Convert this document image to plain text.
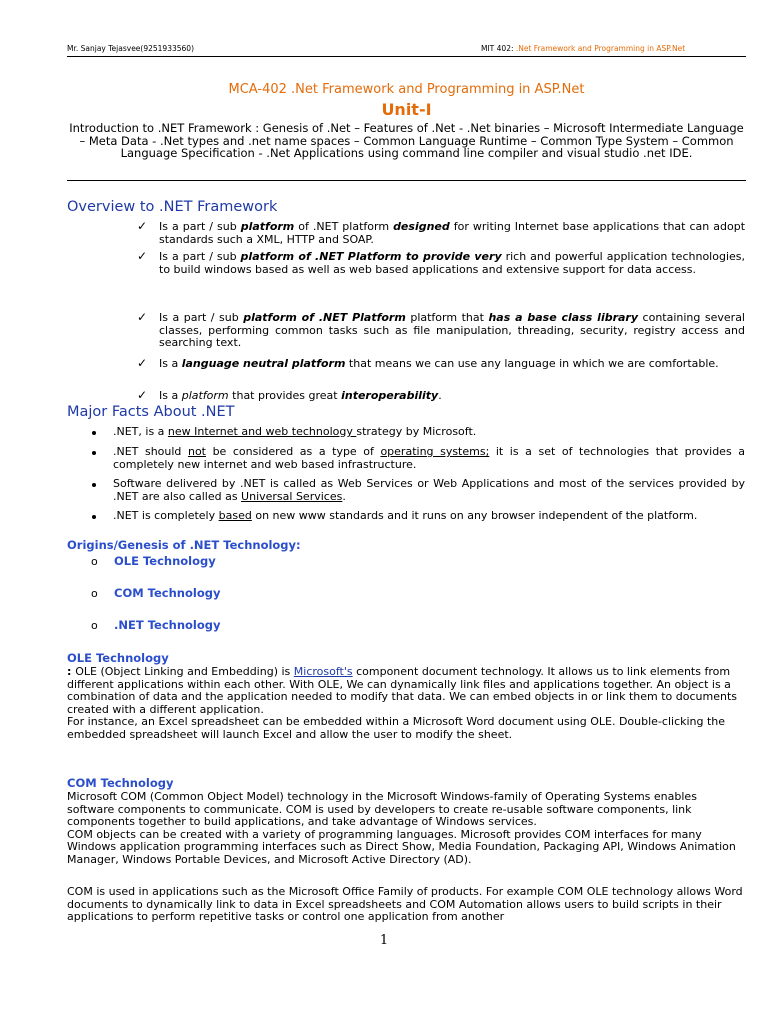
Mr. Sanjay Tejasvee(9251933560)	MIT 402: .Net Framework and Programming in ASP.Net
MCA-402 .Net Framework and Programming in ASP.Net
Unit-I
Introduction to .NET Framework : Genesis of .Net – Features of .Net - .Net binaries – Microsoft Intermediate Language – Meta Data - .Net types and .net name spaces – Common Language Runtime – Common Type System – Common Language Specification - .Net Applications using command line compiler and visual studio .net IDE.
Overview to .NET Framework
✓ Is a part / sub platform of .NET platform designed for writing Internet base applications that can adopt standards such a XML, HTTP and SOAP.
✓ Is a part / sub platform of .NET Platform to provide very rich and powerful application technologies, to build windows based as well as web based applications and extensive support for data access.
✓ Is a part / sub platform of .NET Platform platform that has a base class library containing several classes, performing common tasks such as file manipulation, threading, security, registry access and searching text.
✓ Is a language neutral platform that means we can use any language in which we are comfortable.
✓ Is a platform that provides great interoperability.
Major Facts About .NET
.NET, is a new Internet and web technology strategy by Microsoft.
.NET should not be considered as a type of operating systems; it is a set of technologies that provides a completely new internet and web based infrastructure.
Software delivered by .NET is called as Web Services or Web Applications and most of the services provided by .NET are also called as Universal Services.
.NET is completely based on new www standards and it runs on any browser independent of the platform.
Origins/Genesis of .NET Technology:
o OLE Technology
o COM Technology
o .NET Technology
OLE Technology
: OLE (Object Linking and Embedding) is Microsoft's component document technology. It allows us to link elements from different applications within each other. With OLE, We can dynamically link files and applications together. An object is a combination of data and the application needed to modify that data. We can embed objects in or link them to documents created with a different application.
For instance, an Excel spreadsheet can be embedded within a Microsoft Word document using OLE. Double-clicking the embedded spreadsheet will launch Excel and allow the user to modify the sheet.
COM Technology
Microsoft COM (Common Object Model) technology in the Microsoft Windows-family of Operating Systems enables software components to communicate. COM is used by developers to create re-usable software components, link components together to build applications, and take advantage of Windows services.
COM objects can be created with a variety of programming languages. Microsoft provides COM interfaces for many Windows application programming interfaces such as Direct Show, Media Foundation, Packaging API, Windows Animation Manager, Windows Portable Devices, and Microsoft Active Directory (AD).
COM is used in applications such as the Microsoft Office Family of products. For example COM OLE technology allows Word documents to dynamically link to data in Excel spreadsheets and COM Automation allows users to build scripts in their applications to perform repetitive tasks or control one application from another
1
